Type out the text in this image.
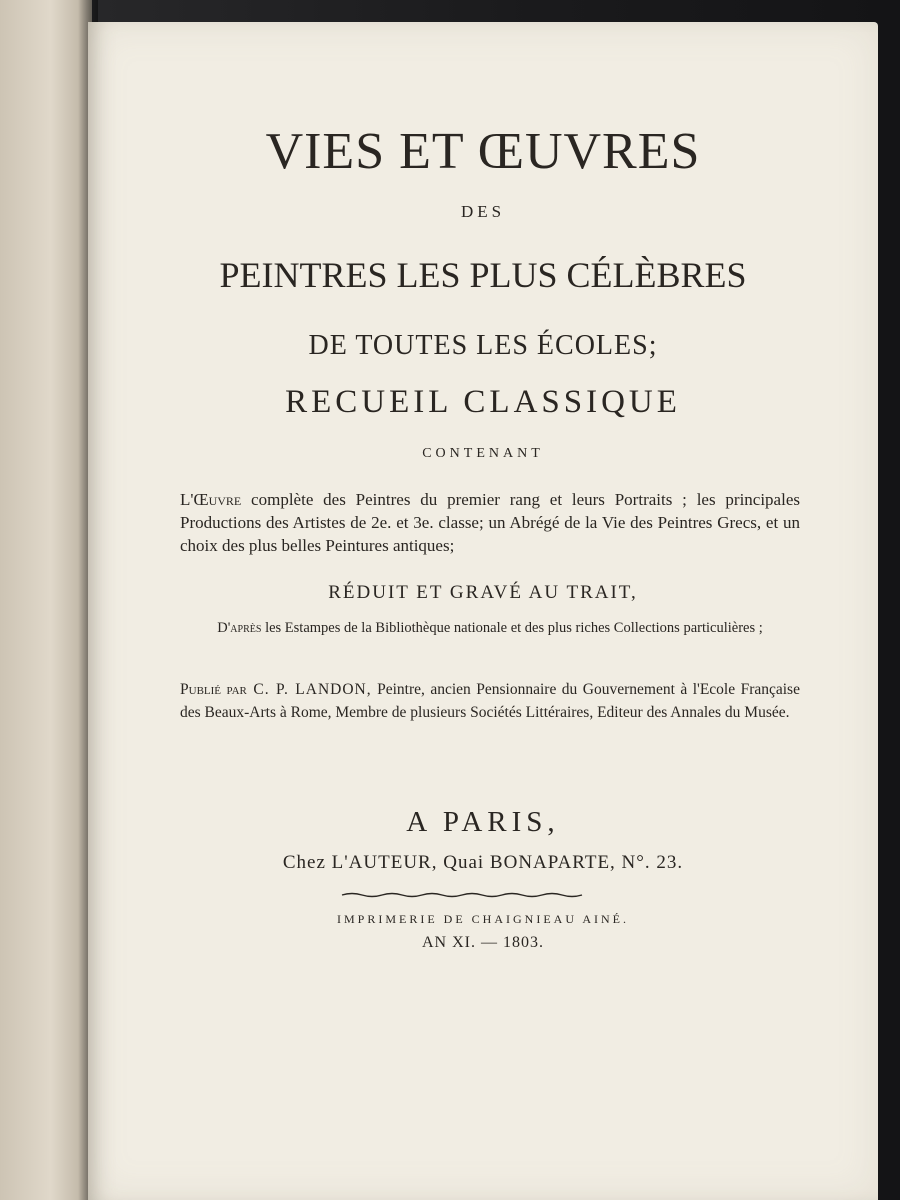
VIES ET ŒUVRES

DES

PEINTRES LES PLUS CÉLÈBRES

DE TOUTES LES ÉCOLES;

RECUEIL CLASSIQUE

CONTENANT

L'Œuvre complète des Peintres du premier rang et leurs Portraits ; les principales Productions des Artistes de 2e. et 3e. classe; un Abrégé de la Vie des Peintres Grecs, et un choix des plus belles Peintures antiques;

RÉDUIT ET GRAVÉ AU TRAIT,

D'après les Estampes de la Bibliothèque nationale et des plus riches Collections particulières ;

Publié par C. P. LANDON, Peintre, ancien Pensionnaire du Gouvernement à l'Ecole Française des Beaux-Arts à Rome, Membre de plusieurs Sociétés Littéraires, Editeur des Annales du Musée.

A PARIS,

Chez L'AUTEUR, Quai BONAPARTE, N°. 23.

IMPRIMERIE DE CHAIGNIEAU AINÉ.

AN XI. — 1803.
